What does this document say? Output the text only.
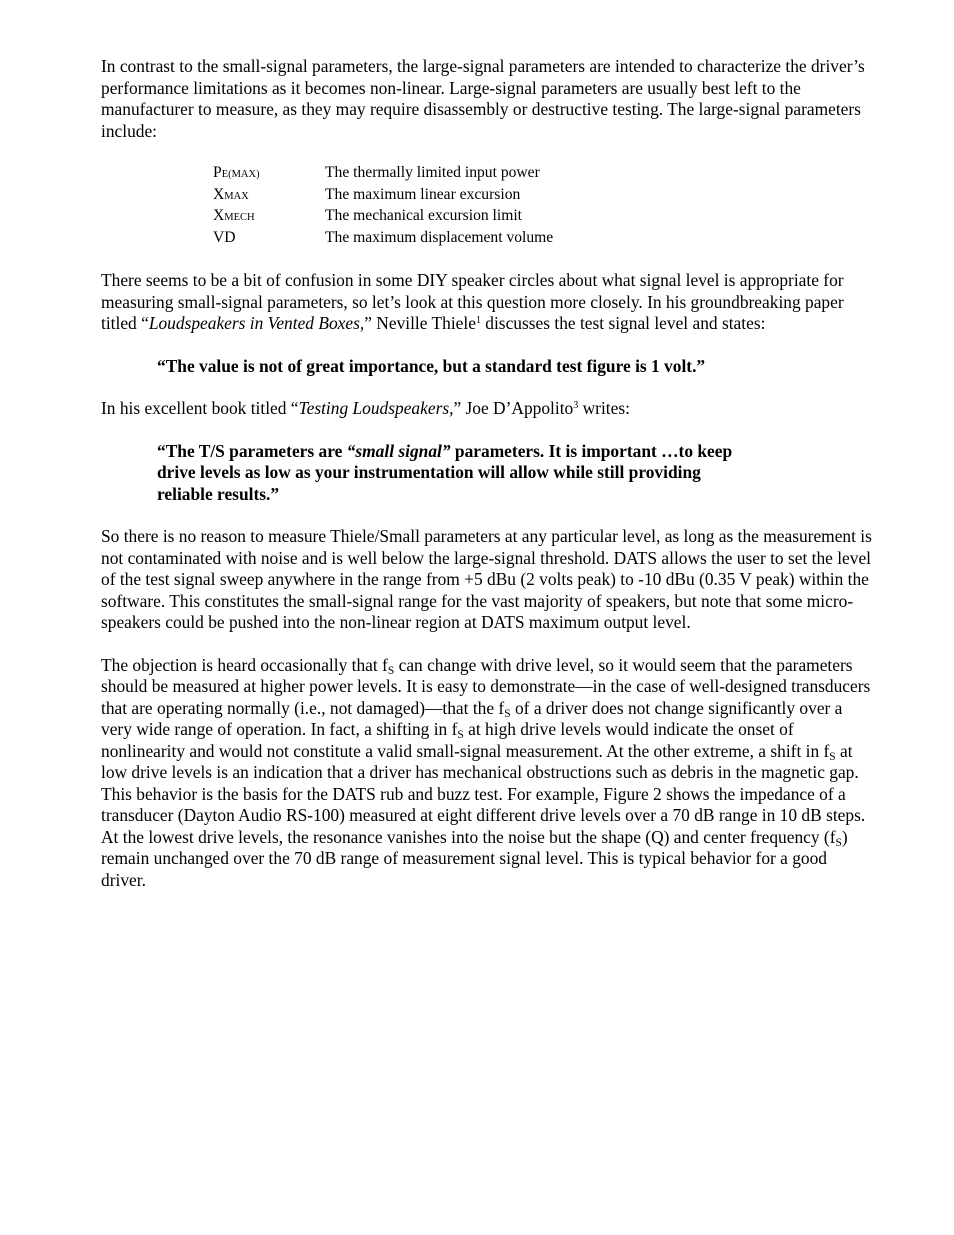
In contrast to the small-signal parameters, the large-signal parameters are intended to characterize the driver’s performance limitations as it becomes non-linear. Large-signal parameters are usually best left to the manufacturer to measure, as they may require disassembly or destructive testing. The large-signal parameters include:

PE(MAX)	The thermally limited input power
XMAX	The maximum linear excursion
XMECH	The mechanical excursion limit
VD	The maximum displacement volume

There seems to be a bit of confusion in some DIY speaker circles about what signal level is appropriate for measuring small-signal parameters, so let’s look at this question more closely. In his groundbreaking paper titled “Loudspeakers in Vented Boxes,” Neville Thiele$^1$ discusses the test signal level and states:

“The value is not of great importance, but a standard test figure is 1 volt.”

In his excellent book titled “Testing Loudspeakers,” Joe D’Appolito$^3$ writes:

“The T/S parameters are “small signal” parameters. It is important …to keep drive levels as low as your instrumentation will allow while still providing reliable results.”

So there is no reason to measure Thiele/Small parameters at any particular level, as long as the measurement is not contaminated with noise and is well below the large-signal threshold. DATS allows the user to set the level of the test signal sweep anywhere in the range from +5 dBu (2 volts peak) to -10 dBu (0.35 V peak) within the software. This constitutes the small-signal range for the vast majority of speakers, but note that some micro-speakers could be pushed into the non-linear region at DATS maximum output level.

The objection is heard occasionally that $f_S$ can change with drive level, so it would seem that the parameters should be measured at higher power levels. It is easy to demonstrate—in the case of well-designed transducers that are operating normally (i.e., not damaged)—that the $f_S$ of a driver does not change significantly over a very wide range of operation. In fact, a shifting in $f_S$ at high drive levels would indicate the onset of nonlinearity and would not constitute a valid small-signal measurement. At the other extreme, a shift in $f_S$ at low drive levels is an indication that a driver has mechanical obstructions such as debris in the magnetic gap. This behavior is the basis for the DATS rub and buzz test. For example, Figure 2 shows the impedance of a transducer (Dayton Audio RS-100) measured at eight different drive levels over a 70 dB range in 10 dB steps. At the lowest drive levels, the resonance vanishes into the noise but the shape (Q) and center frequency $(f_S)$ remain unchanged over the 70 dB range of measurement signal level. This is typical behavior for a good driver.
